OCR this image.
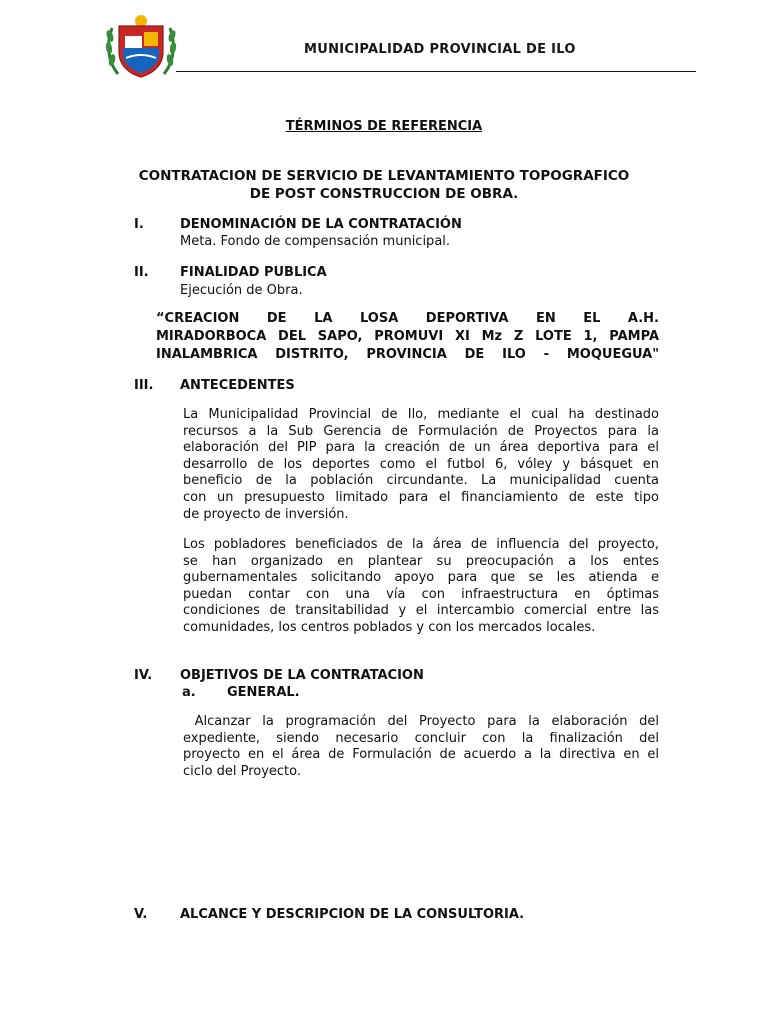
MUNICIPALIDAD PROVINCIAL DE ILO
TÉRMINOS DE REFERENCIA
CONTRATACION DE SERVICIO DE LEVANTAMIENTO TOPOGRAFICO
DE POST CONSTRUCCION DE OBRA.
I.	DENOMINACIÓN DE LA CONTRATACIÓN
Meta. Fondo de compensación municipal.
II. FINALIDAD PUBLICA
Ejecución de Obra.
“CREACION DE LA LOSA DEPORTIVA EN EL A.H.
MIRADORBOCA DEL SAPO, PROMUVI XI Mz Z LOTE 1, PAMPA
INALAMBRICA DISTRITO, PROVINCIA DE ILO - MOQUEGUA"
III. ANTECEDENTES
La Municipalidad Provincial de Ilo, mediante el cual ha destinado
recursos a la Sub Gerencia de Formulación de Proyectos para la
elaboración del PIP para la creación de un área deportiva para el
desarrollo de los deportes como el futbol 6, vóley y básquet en
beneficio de la población circundante. La municipalidad cuenta
con un presupuesto limitado para el financiamiento de este tipo
de proyecto de inversión.
Los pobladores beneficiados de la área de influencia del proyecto,
se han organizado en plantear su preocupación a los entes
gubernamentales solicitando apoyo para que se les atienda e
puedan contar con una vía con infraestructura en óptimas
condiciones de transitabilidad y el intercambio comercial entre las
comunidades, los centros poblados y con los mercados locales.
IV. OBJETIVOS DE LA CONTRATACION
a. GENERAL.
Alcanzar la programación del Proyecto para la elaboración del
expediente, siendo necesario concluir con la finalización del
proyecto en el área de Formulación de acuerdo a la directiva en el
ciclo del Proyecto.
V.	ALCANCE Y DESCRIPCION DE LA CONSULTORIA.
